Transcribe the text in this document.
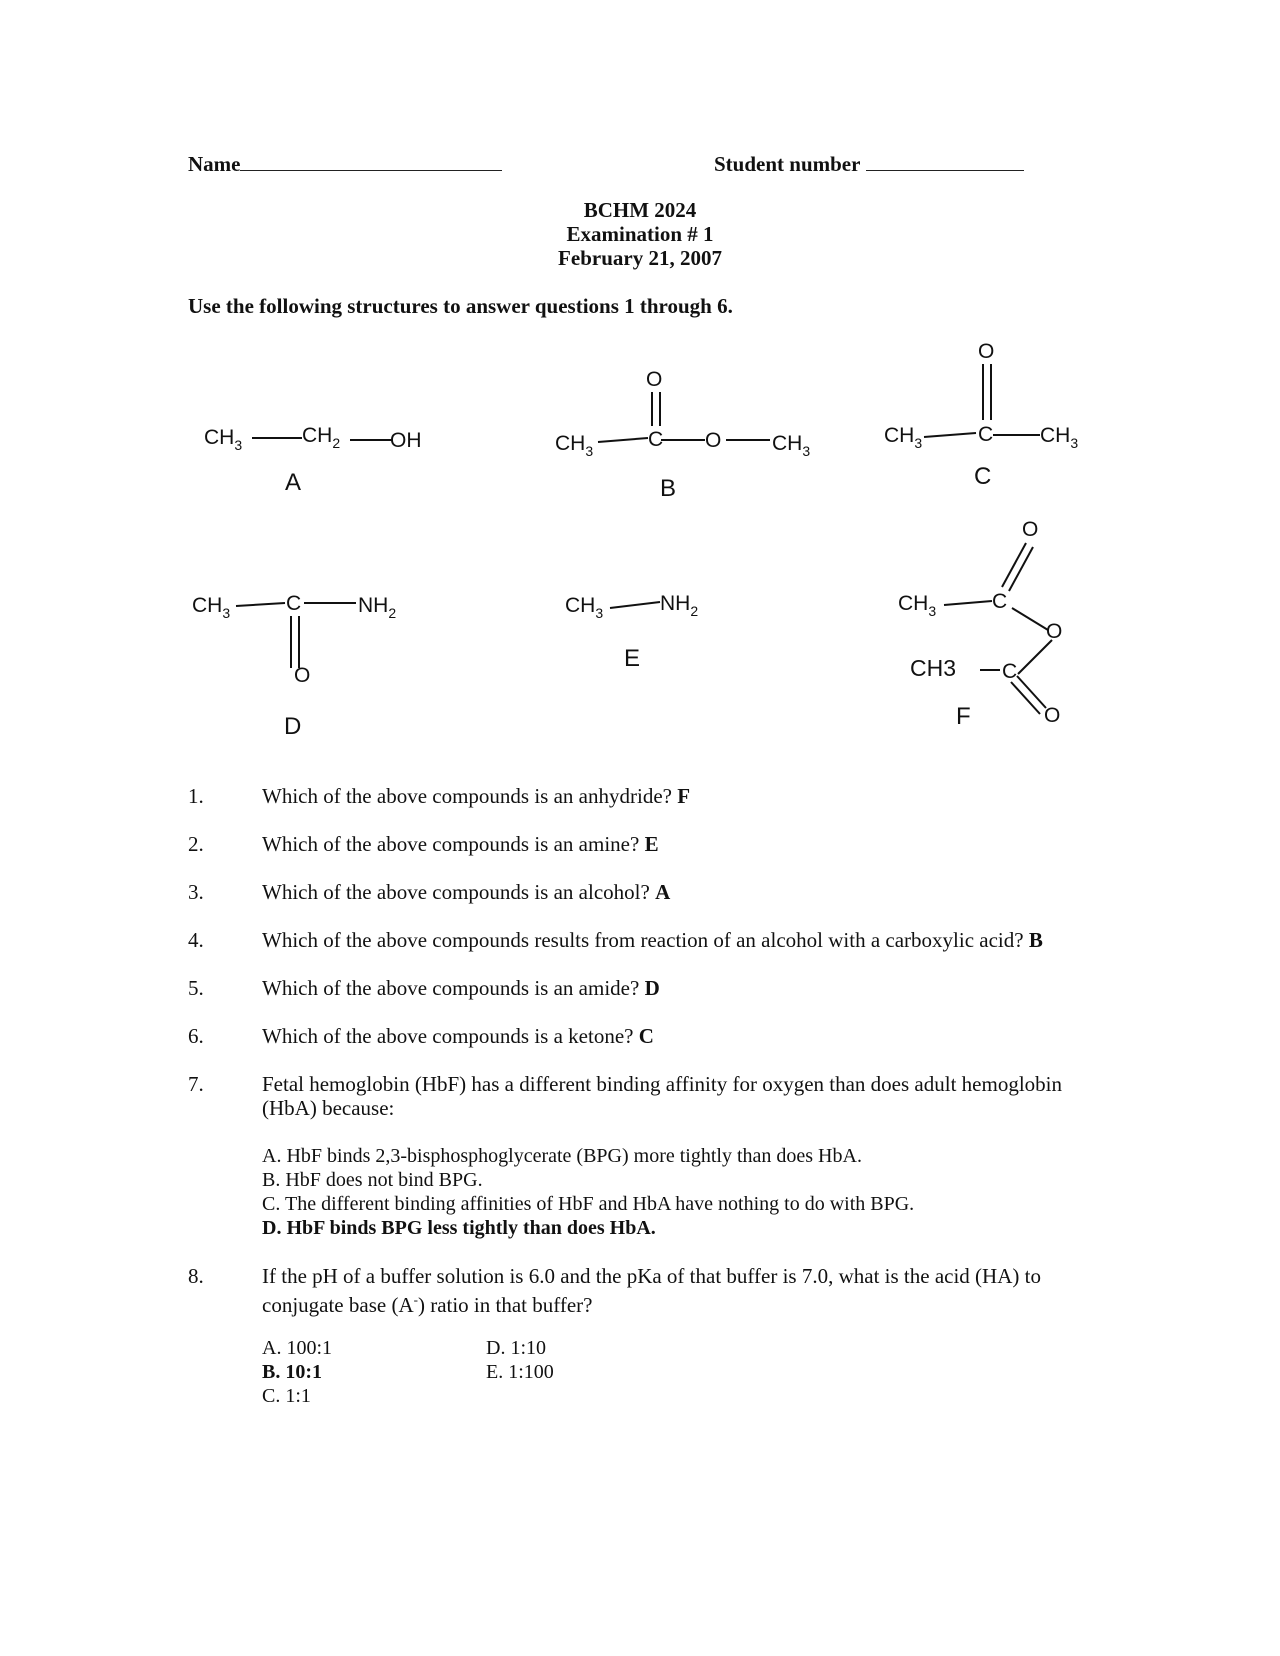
Name	Student number
BCHM 2024
Examination # 1
February 21, 2007
Use the following structures to answer questions 1 through 6.
$CH_3$	$CH_2$ OH	$CH_3$	C O $CH_3$
O
$CH_3$	C $CH_3$
O
$CH_3$	C	$NH_2$
O
$CH_3$	$NH_2$	$CH_3$	C
O
O
CH3 C
O
A	B	C
D
E
F
1.	Which of the above compounds is an anhydride? F
2.	Which of the above compounds is an amine? E
3.	Which of the above compounds is an alcohol? A
4.	Which of the above compounds results from reaction of an alcohol with a carboxylic acid? B
5.	Which of the above compounds is an amide? D
6.	Which of the above compounds is a ketone? C
7.	Fetal hemoglobin (HbF) has a different binding affinity for oxygen than does adult hemoglobin
(HbA) because:
A. HbF binds 2,3-bisphosphoglycerate (BPG) more tightly than does HbA.
B. HbF does not bind BPG.
C. The different binding affinities of HbF and HbA have nothing to do with BPG.
D. HbF binds BPG less tightly than does HbA.
8.	If the pH of a buffer solution is 6.0 and the pKa of that buffer is 7.0, what is the acid (HA) to
conjugate base (A-) ratio in that buffer?
A. 100:1
B. 10:1
C. 1:1
D. 1:10
E. 1:100
